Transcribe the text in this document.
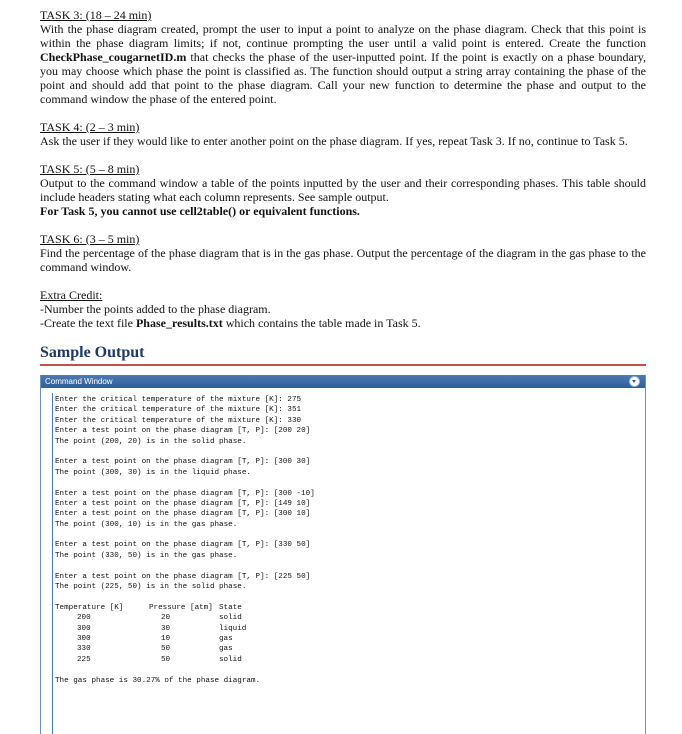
TASK 3: (18 – 24 min)
With the phase diagram created, prompt the user to input a point to analyze on the phase diagram. Check that this point is within the phase diagram limits; if not, continue prompting the user until a valid point is entered. Create the function CheckPhase_cougarnetID.m that checks the phase of the user-inputted point. If the point is exactly on a phase boundary, you may choose which phase the point is classified as. The function should output a string array containing the phase of the point and should add that point to the phase diagram. Call your new function to determine the phase and output to the command window the phase of the entered point.
TASK 4: (2 – 3 min)
Ask the user if they would like to enter another point on the phase diagram. If yes, repeat Task 3. If no, continue to Task 5.
TASK 5: (5 – 8 min)
Output to the command window a table of the points inputted by the user and their corresponding phases. This table should include headers stating what each column represents. See sample output.
For Task 5, you cannot use cell2table() or equivalent functions.
TASK 6: (3 – 5 min)
Find the percentage of the phase diagram that is in the gas phase. Output the percentage of the diagram in the gas phase to the command window.
Extra Credit:
-Number the points added to the phase diagram.
-Create the text file Phase_results.txt which contains the table made in Task 5.
Sample Output
Command Window
Enter the critical temperature of the mixture [K]: 275
Enter the critical temperature of the mixture [K]: 351
Enter the critical temperature of the mixture [K]: 330
Enter a test point on the phase diagram [T, P]: [200 20]
The point (200, 20) is in the solid phase.
Enter a test point on the phase diagram [T, P]: [300 30]
The point (300, 30) is in the liquid phase.
Enter a test point on the phase diagram [T, P]: [300 -10]
Enter a test point on the phase diagram [T, P]: [149 10]
Enter a test point on the phase diagram [T, P]: [300 10]
The point (300, 10) is in the gas phase.
Enter a test point on the phase diagram [T, P]: [330 50]
The point (330, 50) is in the gas phase.
Enter a test point on the phase diagram [T, P]: [225 50]
The point (225, 50) is in the solid phase.
Temperature [K]	Pressure [atm]	State
200	20	solid
300	30	liquid
300	10	gas
330	50	gas
225	50	solid
The gas phase is 30.27% of the phase diagram.
